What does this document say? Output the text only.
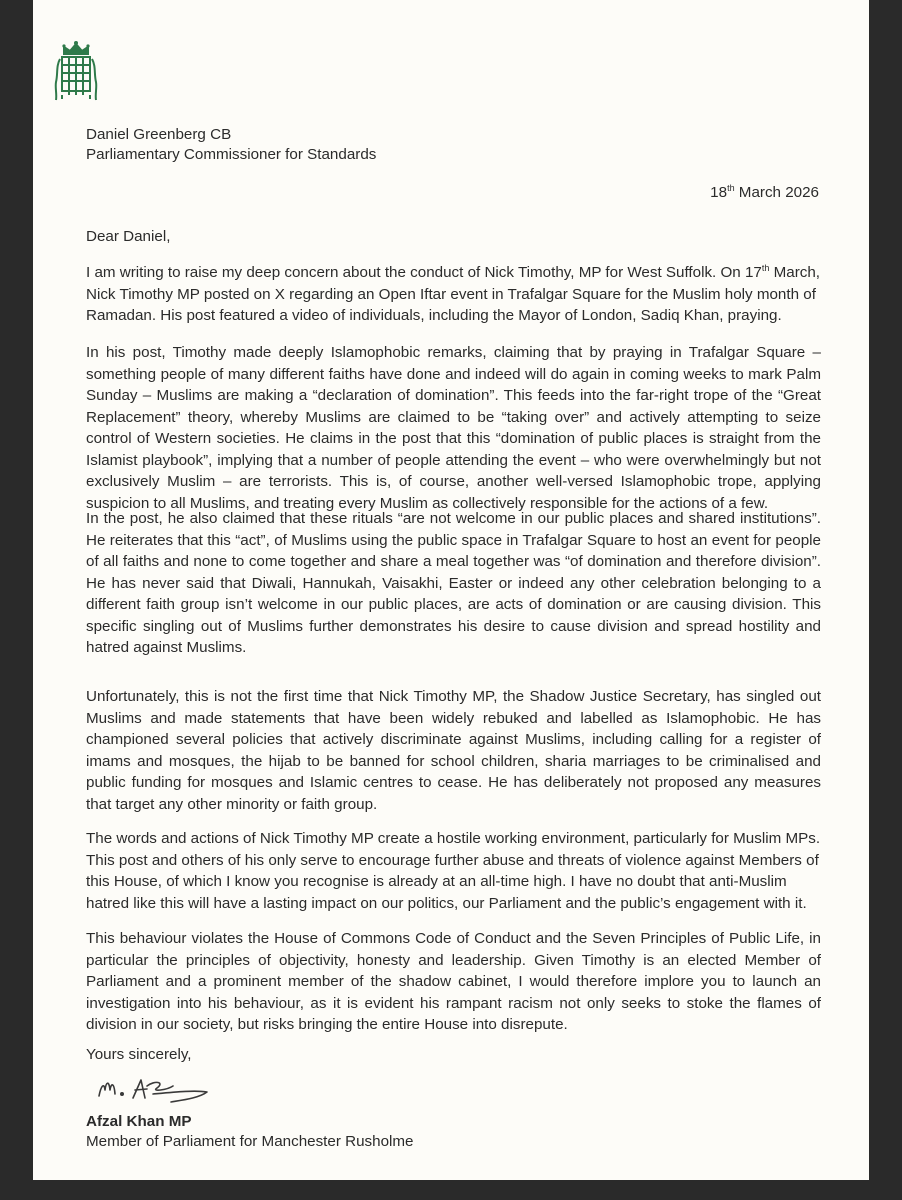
Daniel Greenberg CB
Parliamentary Commissioner for Standards
18th March 2026
Dear Daniel,

I am writing to raise my deep concern about the conduct of Nick Timothy, MP for West Suffolk. On 17th March, Nick Timothy MP posted on X regarding an Open Iftar event in Trafalgar Square for the Muslim holy month of Ramadan. His post featured a video of individuals, including the Mayor of London, Sadiq Khan, praying.

In his post, Timothy made deeply Islamophobic remarks, claiming that by praying in Trafalgar Square – something people of many different faiths have done and indeed will do again in coming weeks to mark Palm Sunday – Muslims are making a “declaration of domination”. This feeds into the far-right trope of the “Great Replacement” theory, whereby Muslims are claimed to be “taking over” and actively attempting to seize control of Western societies. He claims in the post that this “domination of public places is straight from the Islamist playbook”, implying that a number of people attending the event – who were overwhelmingly but not exclusively Muslim – are terrorists. This is, of course, another well-versed Islamophobic trope, applying suspicion to all Muslims, and treating every Muslim as collectively responsible for the actions of a few.

In the post, he also claimed that these rituals “are not welcome in our public places and shared institutions”. He reiterates that this “act”, of Muslims using the public space in Trafalgar Square to host an event for people of all faiths and none to come together and share a meal together was “of domination and therefore division”. He has never said that Diwali, Hannukah, Vaisakhi, Easter or indeed any other celebration belonging to a different faith group isn’t welcome in our public places, are acts of domination or are causing division. This specific singling out of Muslims further demonstrates his desire to cause division and spread hostility and hatred against Muslims.

Unfortunately, this is not the first time that Nick Timothy MP, the Shadow Justice Secretary, has singled out Muslims and made statements that have been widely rebuked and labelled as Islamophobic. He has championed several policies that actively discriminate against Muslims, including calling for a register of imams and mosques, the hijab to be banned for school children, sharia marriages to be criminalised and public funding for mosques and Islamic centres to cease. He has deliberately not proposed any measures that target any other minority or faith group.

The words and actions of Nick Timothy MP create a hostile working environment, particularly for Muslim MPs. This post and others of his only serve to encourage further abuse and threats of violence against Members of this House, of which I know you recognise is already at an all-time high. I have no doubt that anti-Muslim hatred like this will have a lasting impact on our politics, our Parliament and the public’s engagement with it.

This behaviour violates the House of Commons Code of Conduct and the Seven Principles of Public Life, in particular the principles of objectivity, honesty and leadership. Given Timothy is an elected Member of Parliament and a prominent member of the shadow cabinet, I would therefore implore you to launch an investigation into his behaviour, as it is evident his rampant racism not only seeks to stoke the flames of division in our society, but risks bringing the entire House into disrepute.

Yours sincerely,
Afzal Khan MP
Member of Parliament for Manchester Rusholme
